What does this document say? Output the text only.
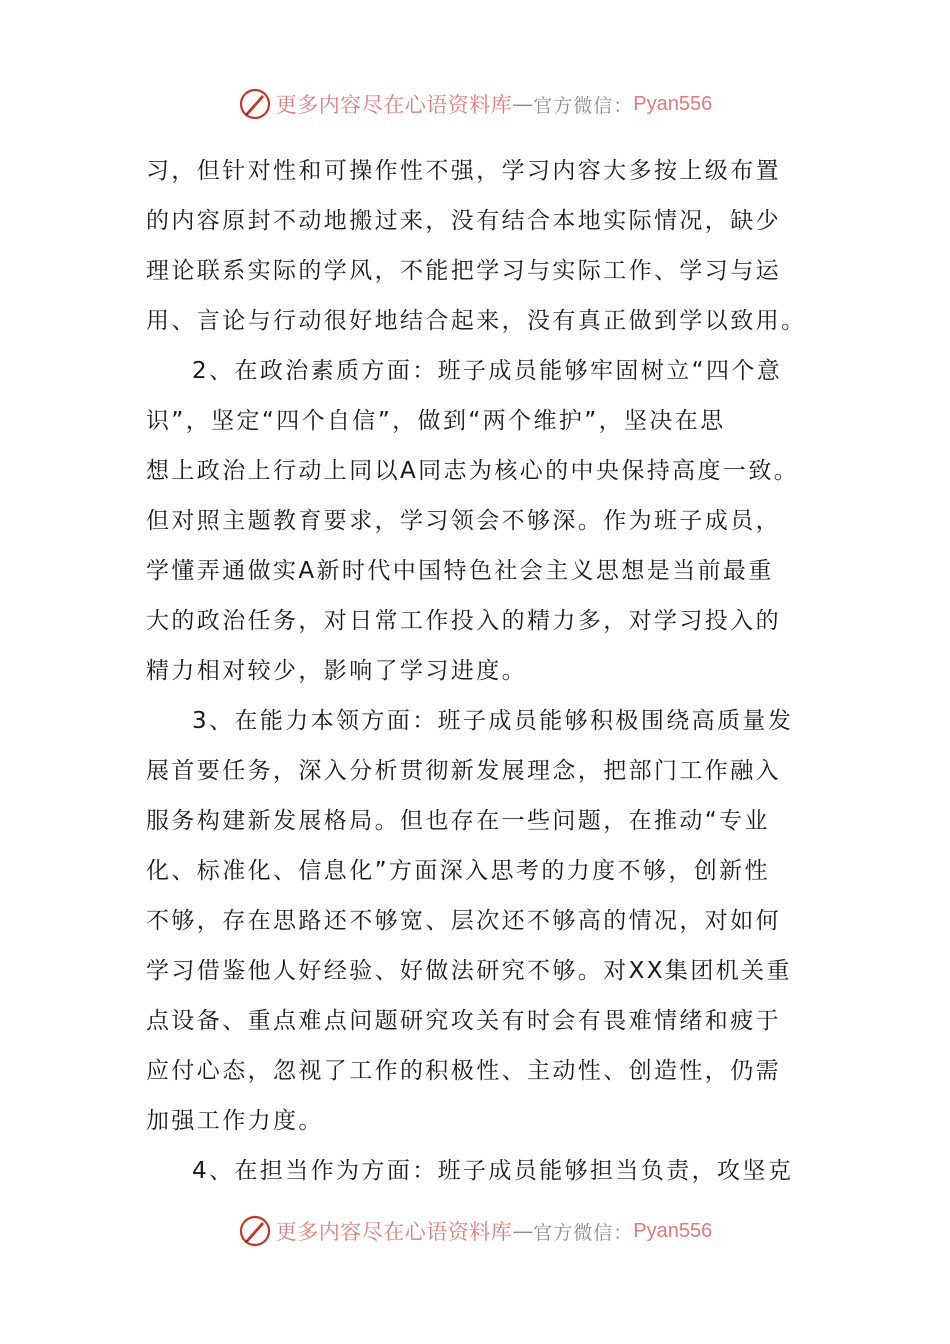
更多内容尽在心语资料库 — 官方微信： Pyan556
习，但针对性和可操作性不强，学习内容大多按上级布置
的内容原封不动地搬过来，没有结合本地实际情况，缺少
理论联系实际的学风，不能把学习与实际工作、学习与运
用、言论与行动很好地结合起来，没有真正做到学以致用。
2、在政治素质方面：班子成员能够牢固树立“四个意
识”，坚定“四个自信”，做到“两个维护”，坚决在思
想上政治上行动上同以A同志为核心的中央保持高度一致。
但对照主题教育要求，学习领会不够深。作为班子成员，
学懂弄通做实A新时代中国特色社会主义思想是当前最重
大的政治任务，对日常工作投入的精力多，对学习投入的
精力相对较少，影响了学习进度。
3、在能力本领方面：班子成员能够积极围绕高质量发
展首要任务，深入分析贯彻新发展理念，把部门工作融入
服务构建新发展格局。但也存在一些问题，在推动“专业
化、标准化、信息化”方面深入思考的力度不够，创新性
不够，存在思路还不够宽、层次还不够高的情况，对如何
学习借鉴他人好经验、好做法研究不够。对XX集团机关重
点设备、重点难点问题研究攻关有时会有畏难情绪和疲于
应付心态，忽视了工作的积极性、主动性、创造性，仍需
加强工作力度。
4、在担当作为方面：班子成员能够担当负责，攻坚克
更多内容尽在心语资料库 — 官方微信： Pyan556
